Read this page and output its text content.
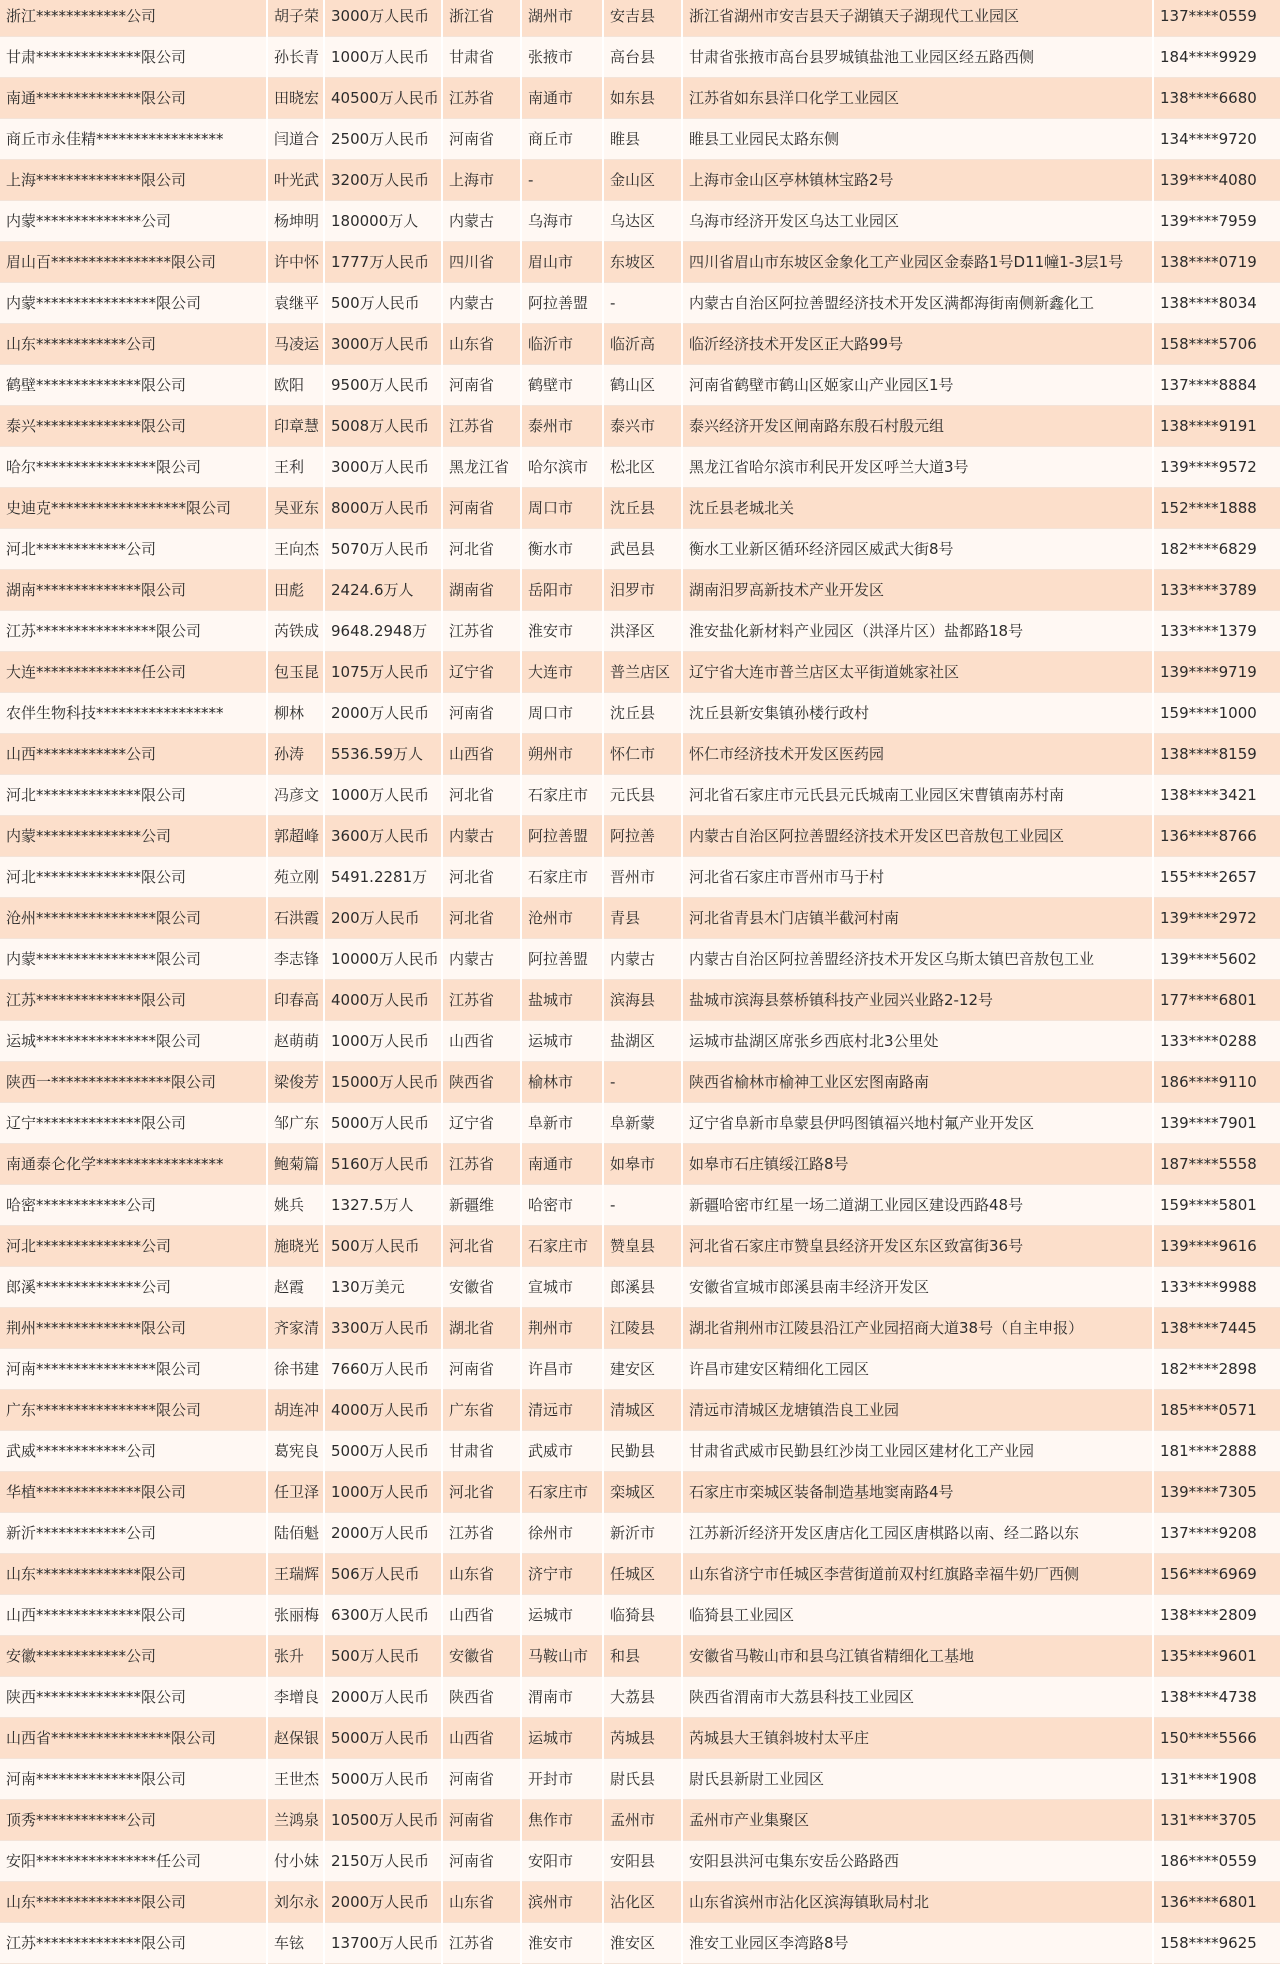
浙江************公司	胡子荣	3000万人民币	浙江省	湖州市	安吉县	浙江省湖州市安吉县天子湖镇天子湖现代工业园区	137****0559
甘肃**************限公司	孙长青	1000万人民币	甘肃省	张掖市	高台县	甘肃省张掖市高台县罗城镇盐池工业园区经五路西侧	184****9929
南通**************限公司	田晓宏	40500万人民币	江苏省	南通市	如东县	江苏省如东县洋口化学工业园区	138****6680
商丘市永佳精*****************	闫道合	2500万人民币	河南省	商丘市	睢县	睢县工业园民太路东侧	134****9720
上海**************限公司	叶光武	3200万人民币	上海市	-	金山区	上海市金山区亭林镇林宝路2号	139****4080
内蒙**************公司	杨坤明	180000万人	内蒙古	乌海市	乌达区	乌海市经济开发区乌达工业园区	139****7959
眉山百****************限公司	许中怀	1777万人民币	四川省	眉山市	东坡区	四川省眉山市东坡区金象化工产业园区金泰路1号D11幢1-3层1号	138****0719
内蒙****************限公司	袁继平	500万人民币	内蒙古	阿拉善盟	-	内蒙古自治区阿拉善盟经济技术开发区满都海街南侧新鑫化工	138****8034
山东************公司	马凌运	3000万人民币	山东省	临沂市	临沂高	临沂经济技术开发区正大路99号	158****5706
鹤壁**************限公司	欧阳	9500万人民币	河南省	鹤壁市	鹤山区	河南省鹤壁市鹤山区姬家山产业园区1号	137****8884
泰兴**************限公司	印章慧	5008万人民币	江苏省	泰州市	泰兴市	泰兴经济开发区闸南路东殷石村殷元组	138****9191
哈尔****************限公司	王利	3000万人民币	黑龙江省	哈尔滨市	松北区	黑龙江省哈尔滨市利民开发区呼兰大道3号	139****9572
史迪克******************限公司	吴亚东	8000万人民币	河南省	周口市	沈丘县	沈丘县老城北关	152****1888
河北************公司	王向杰	5070万人民币	河北省	衡水市	武邑县	衡水工业新区循环经济园区威武大街8号	182****6829
湖南**************限公司	田彪	2424.6万人	湖南省	岳阳市	汨罗市	湖南汨罗高新技术产业开发区	133****3789
江苏****************限公司	芮铁成	9648.2948万	江苏省	淮安市	洪泽区	淮安盐化新材料产业园区（洪泽片区）盐都路18号	133****1379
大连**************任公司	包玉昆	1075万人民币	辽宁省	大连市	普兰店区	辽宁省大连市普兰店区太平街道姚家社区	139****9719
农伴生物科技*****************	柳林	2000万人民币	河南省	周口市	沈丘县	沈丘县新安集镇孙楼行政村	159****1000
山西************公司	孙涛	5536.59万人	山西省	朔州市	怀仁市	怀仁市经济技术开发区医药园	138****8159
河北**************限公司	冯彦文	1000万人民币	河北省	石家庄市	元氏县	河北省石家庄市元氏县元氏城南工业园区宋曹镇南苏村南	138****3421
内蒙**************公司	郭超峰	3600万人民币	内蒙古	阿拉善盟	阿拉善	内蒙古自治区阿拉善盟经济技术开发区巴音敖包工业园区	136****8766
河北**************限公司	苑立刚	5491.2281万	河北省	石家庄市	晋州市	河北省石家庄市晋州市马于村	155****2657
沧州****************限公司	石洪霞	200万人民币	河北省	沧州市	青县	河北省青县木门店镇半截河村南	139****2972
内蒙****************限公司	李志锋	10000万人民币	内蒙古	阿拉善盟	内蒙古	内蒙古自治区阿拉善盟经济技术开发区乌斯太镇巴音敖包工业	139****5602
江苏**************限公司	印春高	4000万人民币	江苏省	盐城市	滨海县	盐城市滨海县蔡桥镇科技产业园兴业路2-12号	177****6801
运城****************限公司	赵萌萌	1000万人民币	山西省	运城市	盐湖区	运城市盐湖区席张乡西底村北3公里处	133****0288
陕西一****************限公司	梁俊芳	15000万人民币	陕西省	榆林市	-	陕西省榆林市榆神工业区宏图南路南	186****9110
辽宁**************限公司	邹广东	5000万人民币	辽宁省	阜新市	阜新蒙	辽宁省阜新市阜蒙县伊吗图镇福兴地村氟产业开发区	139****7901
南通泰仑化学*****************	鲍菊篇	5160万人民币	江苏省	南通市	如皋市	如皋市石庄镇绥江路8号	187****5558
哈密************公司	姚兵	1327.5万人	新疆维	哈密市	-	新疆哈密市红星一场二道湖工业园区建设西路48号	159****5801
河北**************公司	施晓光	500万人民币	河北省	石家庄市	赞皇县	河北省石家庄市赞皇县经济开发区东区致富街36号	139****9616
郎溪**************公司	赵霞	130万美元	安徽省	宣城市	郎溪县	安徽省宣城市郎溪县南丰经济开发区	133****9988
荆州**************限公司	齐家清	3300万人民币	湖北省	荆州市	江陵县	湖北省荆州市江陵县沿江产业园招商大道38号（自主申报）	138****7445
河南****************限公司	徐书建	7660万人民币	河南省	许昌市	建安区	许昌市建安区精细化工园区	182****2898
广东****************限公司	胡连冲	4000万人民币	广东省	清远市	清城区	清远市清城区龙塘镇浩良工业园	185****0571
武威************公司	葛宪良	5000万人民币	甘肃省	武威市	民勤县	甘肃省武威市民勤县红沙岗工业园区建材化工产业园	181****2888
华植**************限公司	任卫泽	1000万人民币	河北省	石家庄市	栾城区	石家庄市栾城区装备制造基地窦南路4号	139****7305
新沂************公司	陆佰魁	2000万人民币	江苏省	徐州市	新沂市	江苏新沂经济开发区唐店化工园区唐棋路以南、经二路以东	137****9208
山东**************限公司	王瑞辉	506万人民币	山东省	济宁市	任城区	山东省济宁市任城区李营街道前双村红旗路幸福牛奶厂西侧	156****6969
山西**************限公司	张丽梅	6300万人民币	山西省	运城市	临猗县	临猗县工业园区	138****2809
安徽************公司	张升	500万人民币	安徽省	马鞍山市	和县	安徽省马鞍山市和县乌江镇省精细化工基地	135****9601
陕西**************限公司	李增良	2000万人民币	陕西省	渭南市	大荔县	陕西省渭南市大荔县科技工业园区	138****4738
山西省****************限公司	赵保银	5000万人民币	山西省	运城市	芮城县	芮城县大王镇斜坡村太平庄	150****5566
河南**************限公司	王世杰	5000万人民币	河南省	开封市	尉氏县	尉氏县新尉工业园区	131****1908
顶秀************公司	兰鸿泉	10500万人民币	河南省	焦作市	孟州市	孟州市产业集聚区	131****3705
安阳****************任公司	付小妹	2150万人民币	河南省	安阳市	安阳县	安阳县洪河屯集东安岳公路路西	186****0559
山东**************限公司	刘尔永	2000万人民币	山东省	滨州市	沾化区	山东省滨州市沾化区滨海镇耿局村北	136****6801
江苏**************限公司	车铉	13700万人民币	江苏省	淮安市	淮安区	淮安工业园区李湾路8号	158****9625
